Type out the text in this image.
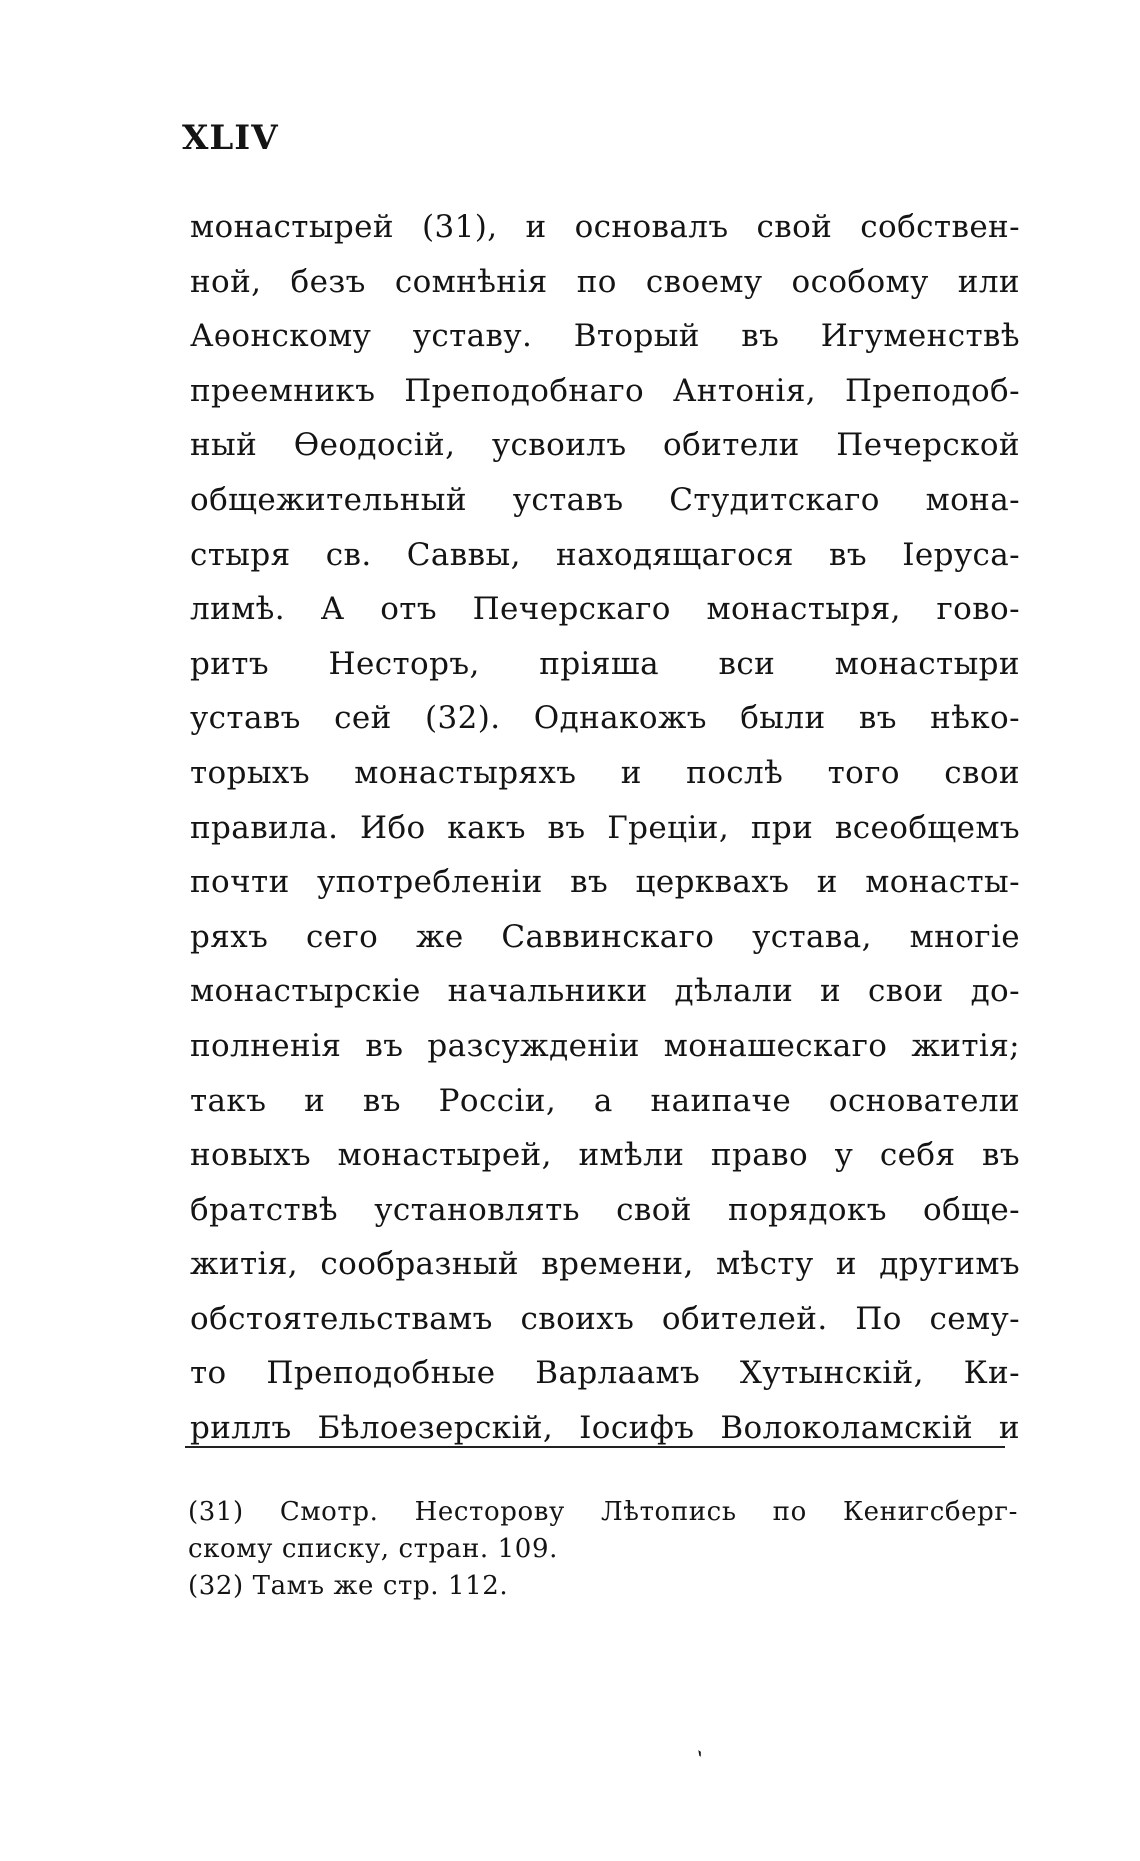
XLIV
монастырей (31), и основалъ свой собствен-
ной, безъ сомнѣнія по своему особому или
Аѳонскому уставу. Вторый въ Игуменствѣ
преемникъ Преподобнаго Антонія, Преподоб-
ный Ѳеодосій, усвоилъ обители Печерской
общежительный уставъ Студитскаго мона-
стыря св. Саввы, находящагося въ Іеруса-
лимѣ. А отъ Печерскаго монастыря, гово-
ритъ Несторъ, пріяша вси монастыри
уставъ сей (32). Однакожъ были въ нѣко-
торыхъ монастыряхъ и послѣ того свои
правила. Ибо какъ въ Греціи, при всеобщемъ
почти употребленіи въ церквахъ и монасты-
ряхъ сего же Саввинскаго устава, многіе
монастырскіе начальники дѣлали и свои до-
полненія въ разсужденіи монашескаго житія;
такъ и въ Россіи, а наипаче основатели
новыхъ монастырей, имѣли право у себя въ
братствѣ установлять свой порядокъ обще-
житія, сообразный времени, мѣсту и другимъ
обстоятельствамъ своихъ обителей. По сему-
то Преподобные Варлаамъ Хутынскій, Ки-
риллъ Бѣлоезерскій, Іосифъ Волоколамскій и
(31) Смотр. Несторову Лѣтопись по Кенигсберг-
скому списку, стран. 109.
(32) Тамъ же стр. 112.
ˋ
